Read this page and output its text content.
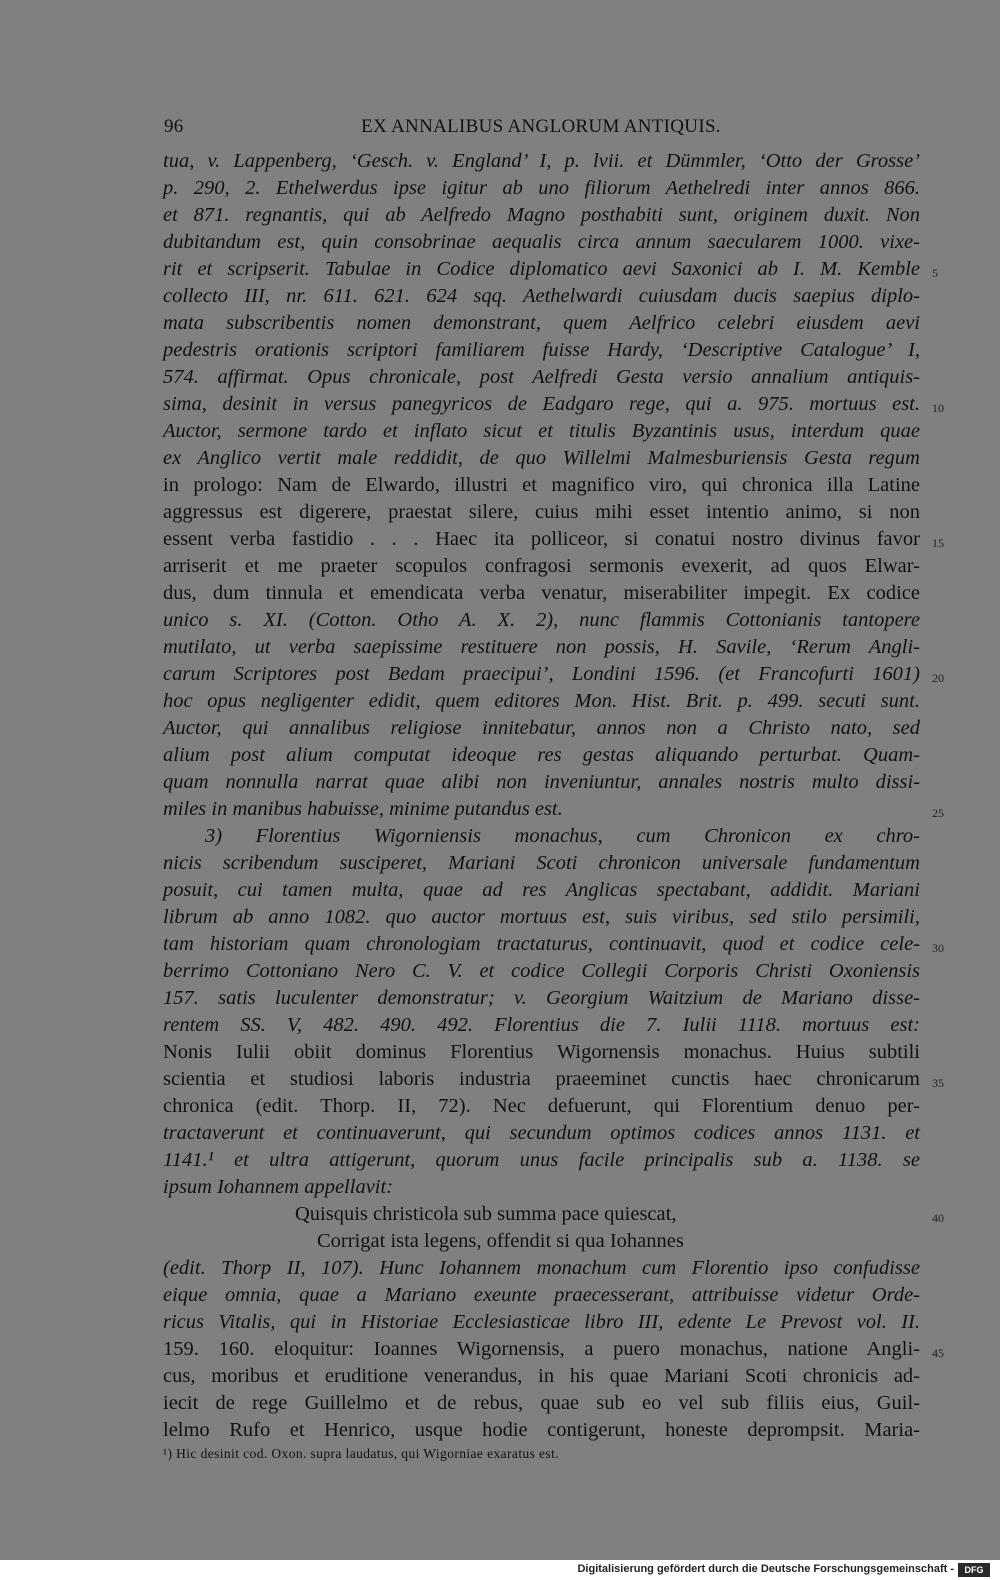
96	EX ANNALIBUS ANGLORUM ANTIQUIS.
tua, v. Lappenberg, ‘Gesch. v. England’ I, p. lvii. et Dümmler, ‘Otto der Grosse’
p. 290, 2. Ethelwerdus ipse igitur ab uno filiorum Aethelredi inter annos 866.
et 871. regnantis, qui ab Aelfredo Magno posthabiti sunt, originem duxit. Non
dubitandum est, quin consobrinae aequalis circa annum saecularem 1000. vixe-
rit et scripserit. Tabulae in Codice diplomatico aevi Saxonici ab I. M. Kemble
collecto III, nr. 611. 621. 624 sqq. Aethelwardi cuiusdam ducis saepius diplo-
mata subscribentis nomen demonstrant, quem Aelfrico celebri eiusdem aevi
pedestris orationis scriptori familiarem fuisse Hardy, ‘Descriptive Catalogue’ I,
574. affirmat. Opus chronicale, post Aelfredi Gesta versio annalium antiquis-
sima, desinit in versus panegyricos de Eadgaro rege, qui a. 975. mortuus est.
Auctor, sermone tardo et inflato sicut et titulis Byzantinis usus, interdum quae
ex Anglico vertit male reddidit, de quo Willelmi Malmesburiensis Gesta regum
in prologo: Nam de Elwardo, illustri et magnifico viro, qui chronica illa Latine
aggressus est digerere, praestat silere, cuius mihi esset intentio animo, si non
essent verba fastidio . . . Haec ita polliceor, si conatui nostro divinus favor
arriserit et me praeter scopulos confragosi sermonis evexerit, ad quos Elwar-
dus, dum tinnula et emendicata verba venatur, miserabiliter impegit. Ex codice
unico s. XI. (Cotton. Otho A. X. 2), nunc flammis Cottonianis tantopere
mutilato, ut verba saepissime restituere non possis, H. Savile, ‘Rerum Angli-
carum Scriptores post Bedam praecipui’, Londini 1596. (et Francofurti 1601)
hoc opus negligenter edidit, quem editores Mon. Hist. Brit. p. 499. secuti sunt.
Auctor, qui annalibus religiose innitebatur, annos non a Christo nato, sed
alium post alium computat ideoque res gestas aliquando perturbat. Quam-
quam nonnulla narrat quae alibi non inveniuntur, annales nostris multo dissi-
miles in manibus habuisse, minime putandus est.
3) Florentius Wigorniensis monachus, cum Chronicon ex chro-
nicis scribendum susciperet, Mariani Scoti chronicon universale fundamentum
posuit, cui tamen multa, quae ad res Anglicas spectabant, addidit. Mariani
librum ab anno 1082. quo auctor mortuus est, suis viribus, sed stilo persimili,
tam historiam quam chronologiam tractaturus, continuavit, quod et codice cele-
berrimo Cottoniano Nero C. V. et codice Collegii Corporis Christi Oxoniensis
157. satis luculenter demonstratur; v. Georgium Waitzium de Mariano disse-
rentem SS. V, 482. 490. 492. Florentius die 7. Iulii 1118. mortuus est:
Nonis Iulii obiit dominus Florentius Wigornensis monachus. Huius subtili
scientia et studiosi laboris industria praeeminet cunctis haec chronicarum
chronica (edit. Thorp. II, 72). Nec defuerunt, qui Florentium denuo per-
tractaverunt et continuaverunt, qui secundum optimos codices annos 1131. et
1141.¹ et ultra attigerunt, quorum unus facile principalis sub a. 1138. se
ipsum Iohannem appellavit:
Quisquis christicola sub summa pace quiescat,
Corrigat ista legens, offendit si qua Iohannes
(edit. Thorp II, 107). Hunc Iohannem monachum cum Florentio ipso confudisse
eique omnia, quae a Mariano exeunte praecesserant, attribuisse videtur Orde-
ricus Vitalis, qui in Historiae Ecclesiasticae libro III, edente Le Prevost vol. II.
159. 160. eloquitur: Ioannes Wigornensis, a puero monachus, natione Angli-
cus, moribus et eruditione venerandus, in his quae Mariani Scoti chronicis ad-
iecit de rege Guillelmo et de rebus, quae sub eo vel sub filiis eius, Guil-
lelmo Rufo et Henrico, usque hodie contigerunt, honeste deprompsit. Maria-
5
10
15
20
25
30
35
40
45
¹) Hic desinit cod. Oxon. supra laudatus, qui Wigorniae exaratus est.
Digitalisierung gefördert durch die Deutsche Forschungsgemeinschaft -	DFG
